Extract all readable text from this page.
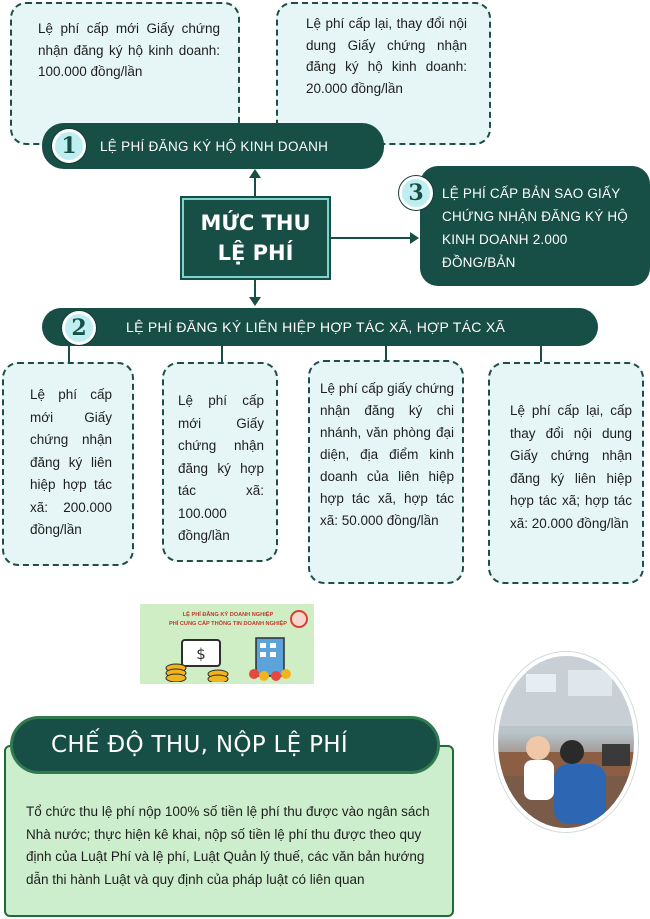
Lệ phí cấp mới Giấy chứng nhận đăng ký hộ kinh doanh: 100.000 đồng/lần
Lệ phí cấp lại, thay đổi nội dung Giấy chứng nhận đăng ký hộ kinh doanh: 20.000 đồng/lần
LỆ PHÍ ĐĂNG KÝ HỘ KINH DOANH
1
MỨC THU
LỆ PHÍ
LỆ PHÍ CẤP BẢN SAO GIẤY CHỨNG NHẬN ĐĂNG KÝ HỘ KINH DOANH 2.000 ĐỒNG/BẢN
3
LỆ PHÍ ĐĂNG KÝ LIÊN HIỆP HỢP TÁC XÃ, HỢP TÁC XÃ
2
Lệ phí cấp mới Giấy chứng nhận đăng ký liên hiệp hợp tác xã: 200.000 đồng/lần
Lệ phí cấp mới Giấy chứng nhận đăng ký hợp tác xã: 100.000 đồng/lần
Lệ phí cấp giấy chứng nhận đăng ký chi nhánh, văn phòng đại diện, địa điểm kinh doanh của liên hiệp hợp tác xã, hợp tác xã: 50.000 đồng/lần
Lệ phí cấp lại, cấp thay đổi nội dung Giấy chứng nhận đăng ký liên hiệp hợp tác xã; hợp tác xã: 20.000 đồng/lần
LỆ PHÍ ĐĂNG KÝ DOANH NGHIỆP
PHÍ CUNG CẤP THÔNG TIN DOANH NGHIỆP
$
Tổ chức thu lệ phí nộp 100% số tiền lệ phí thu được vào ngân sách Nhà nước; thực hiện kê khai, nộp số tiền lệ phí thu được theo quy định của Luật Phí và lệ phí, Luật Quản lý thuế, các văn bản hướng dẫn thi hành Luật và quy định của pháp luật có liên quan
CHẾ ĐỘ THU, NỘP LỆ PHÍ
